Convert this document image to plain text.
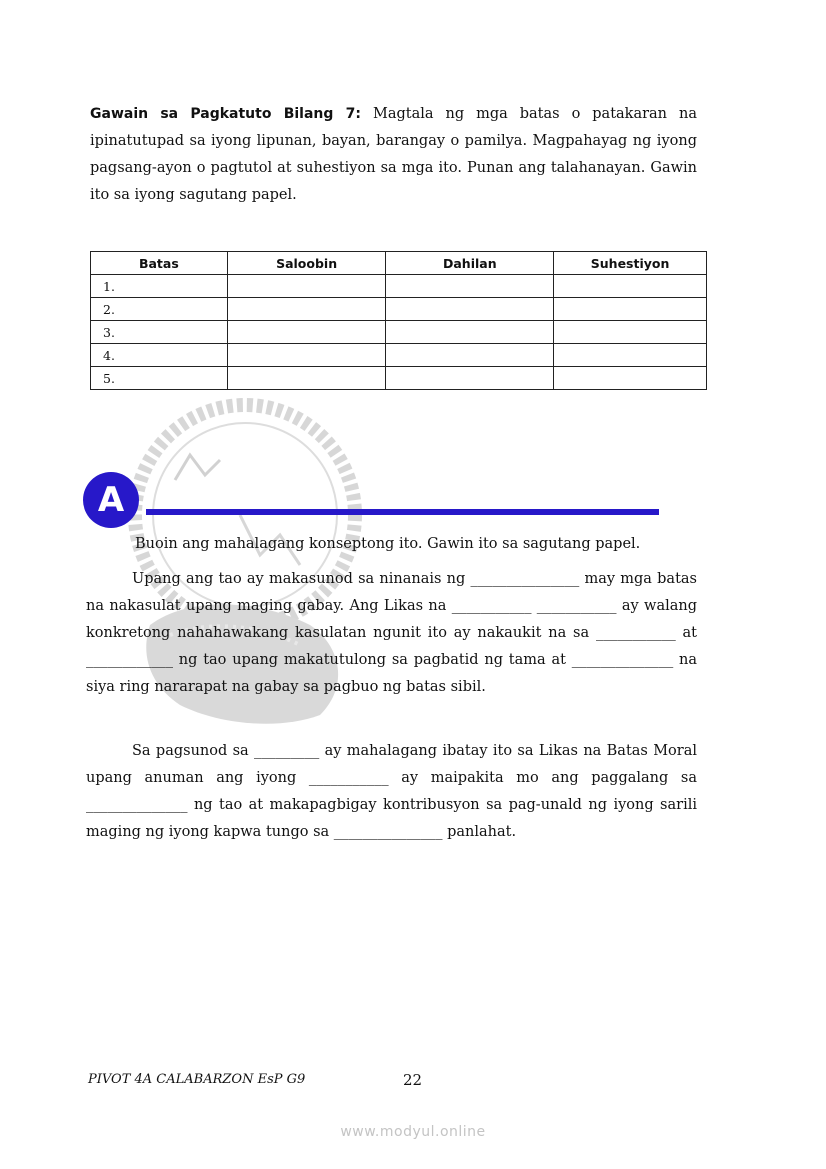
Gawain sa Pagkatuto Bilang 7: Magtala ng mga batas o patakaran na ipinatutupad sa iyong lipunan, bayan, barangay o pamilya. Magpahayag ng iyong pagsang-ayon o pagtutol at suhestiyon sa mga ito. Punan ang talahanayan. Gawin ito sa iyong sagutang papel.

Batas	Saloobin	Dahilan	Suhestiyon
1.			
2.			
3.			
4.			
5.			
A

Buoin ang mahalagang konseptong ito. Gawin ito sa sagutang papel.

Upang ang tao ay makasunod sa ninanais ng _______________ may mga batas na nakasulat upang maging gabay. Ang Likas na ___________ ___________ ay walang konkretong nahahawakang kasulatan ngunit ito ay nakaukit na sa ___________ at ____________ ng tao upang makatutulong sa pagbatid ng tama at ______________ na siya ring nararapat na gabay sa pagbuo ng batas sibil.

Sa pagsunod sa _________ ay mahalagang ibatay ito sa Likas na Batas Moral upang anuman ang iyong ___________ ay maipakita mo ang paggalang sa ______________ ng tao at makapagbigay kontribusyon sa pag-unald ng iyong sarili maging ng iyong kapwa tungo sa _______________ panlahat.

PIVOT 4A CALABARZON EsP G9	22
www.modyul.online
